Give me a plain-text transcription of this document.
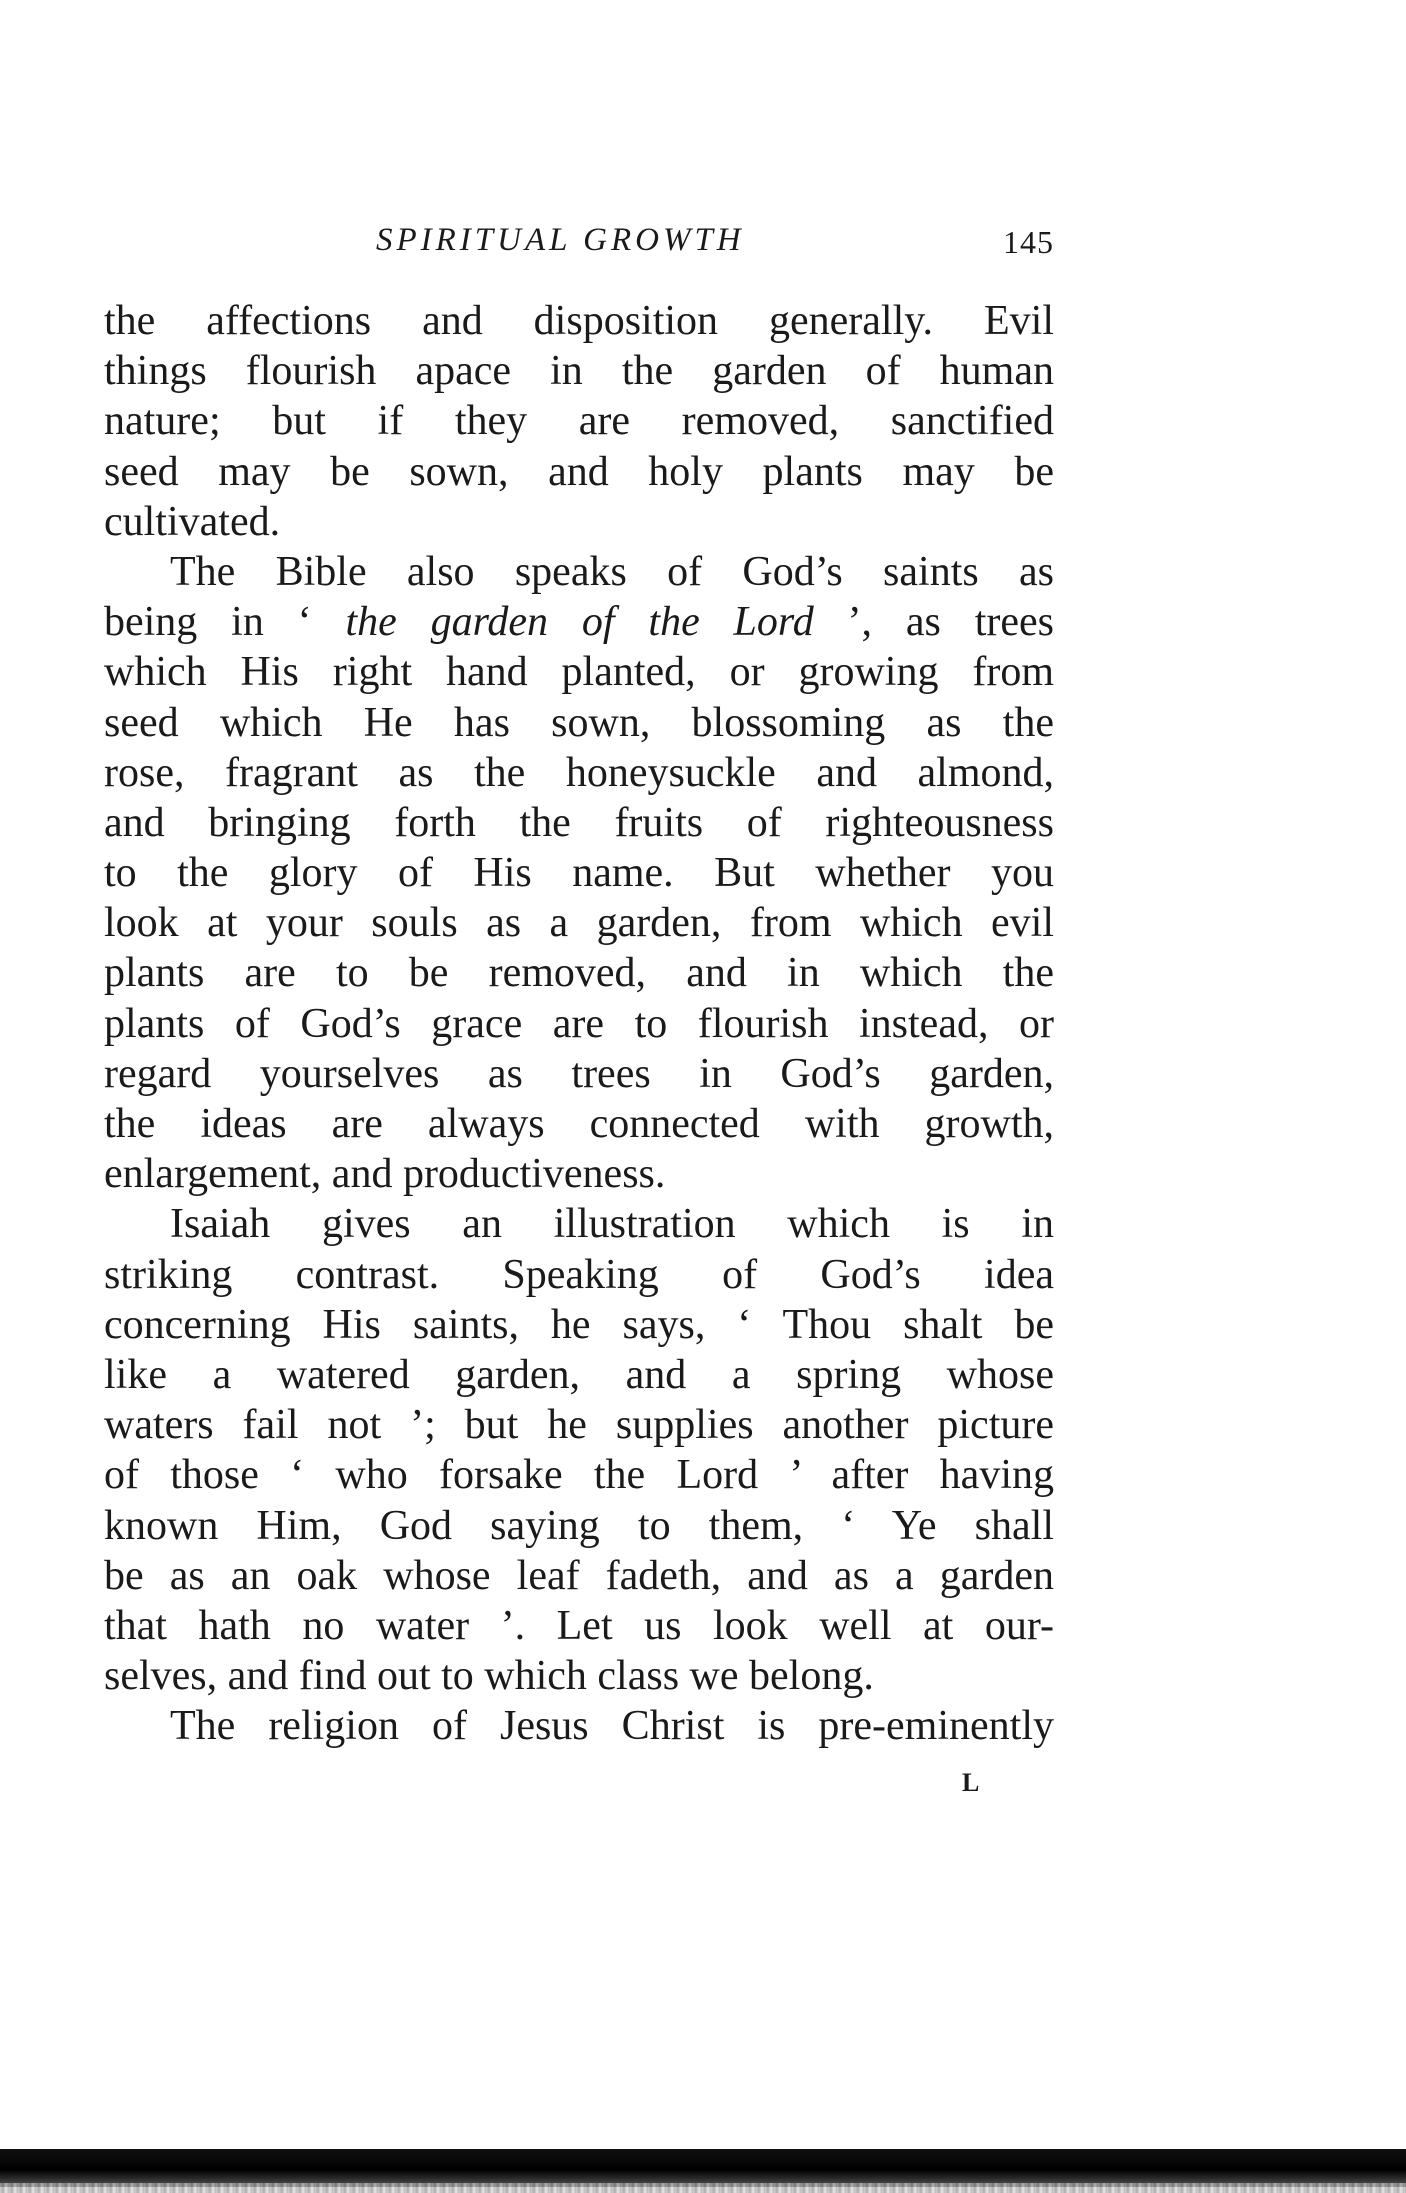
SPIRITUAL GROWTH	145
the affections and disposition generally. Evil
things flourish apace in the garden of human
nature; but if they are removed, sanctified
seed may be sown, and holy plants may be
cultivated.
The Bible also speaks of God’s saints as
being in ‘ the garden of the Lord ’, as trees
which His right hand planted, or growing from
seed which He has sown, blossoming as the
rose, fragrant as the honeysuckle and almond,
and bringing forth the fruits of righteousness
to the glory of His name. But whether you
look at your souls as a garden, from which evil
plants are to be removed, and in which the
plants of God’s grace are to flourish instead, or
regard yourselves as trees in God’s garden,
the ideas are always connected with growth,
enlargement, and productiveness.
Isaiah gives an illustration which is in
striking contrast. Speaking of God’s idea
concerning His saints, he says, ‘ Thou shalt be
like a watered garden, and a spring whose
waters fail not ’; but he supplies another picture
of those ‘ who forsake the Lord ’ after having
known Him, God saying to them, ‘ Ye shall
be as an oak whose leaf fadeth, and as a garden
that hath no water ’. Let us look well at our-
selves, and find out to which class we belong.
The religion of Jesus Christ is pre-eminently
L
